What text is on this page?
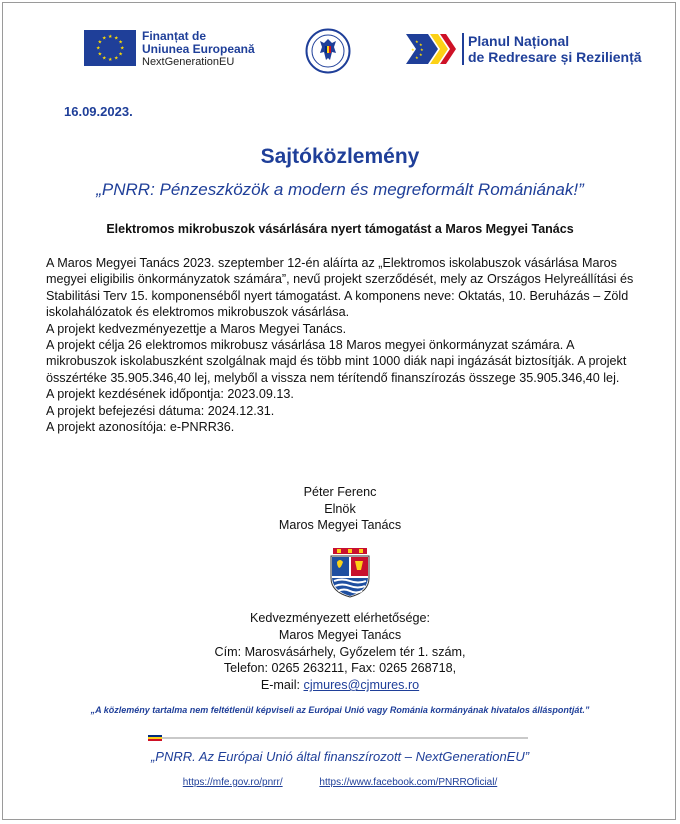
★ ★
★
★
★
★
★
★
★
★
★
★	Finanțat de
Uniunea Europeană
NextGenerationEU
★
★
★
★
★
★
Planul Național
de Redresare și Reziliență
16.09.2023.
Sajtóközlemény
„PNRR: Pénzeszközök a modern és megreformált Romániának!”
Elektromos mikrobuszok vásárlására nyert támogatást a Maros Megyei Tanács

A Maros Megyei Tanács 2023. szeptember 12-én aláírta az „Elektromos iskolabuszok vásárlása Maros megyei eligibilis önkormányzatok számára”, nevű projekt szerződését, mely az Országos Helyreállítási és Stabilitási Terv 15. komponenséből nyert támogatást. A komponens neve: Oktatás, 10. Beruházás – Zöld iskolahálózatok és elektromos mikrobuszok vásárlása.

A projekt kedvezményezettje a Maros Megyei Tanács.

A projekt célja 26 elektromos mikrobusz vásárlása 18 Maros megyei önkormányzat számára. A mikrobuszok iskolabuszként szolgálnak majd és több mint 1000 diák napi ingázását biztosítják. A projekt összértéke 35.905.346,40 lej, melyből a vissza nem térítendő finanszírozás összege 35.905.346,40 lej.

A projekt kezdésének időpontja: 2023.09.13.

A projekt befejezési dátuma: 2024.12.31.

A projekt azonosítója: e-PNRR36.

Péter Ferenc
Elnök
Maros Megyei Tanács
Kedvezményezett elérhetősége:
Maros Megyei Tanács
Cím: Marosvásárhely, Győzelem tér 1. szám,
Telefon: 0265 263211, Fax: 0265 268718,
E-mail: cjmures@cjmures.ro
„A közlemény tartalma nem feltétlenül képviseli az Európai Unió vagy Románia kormányának hivatalos álláspontját.”
„PNRR. Az Európai Unió által finanszírozott – NextGenerationEU”
https://mfe.gov.ro/pnrr/	https://www.facebook.com/PNRROficial/
